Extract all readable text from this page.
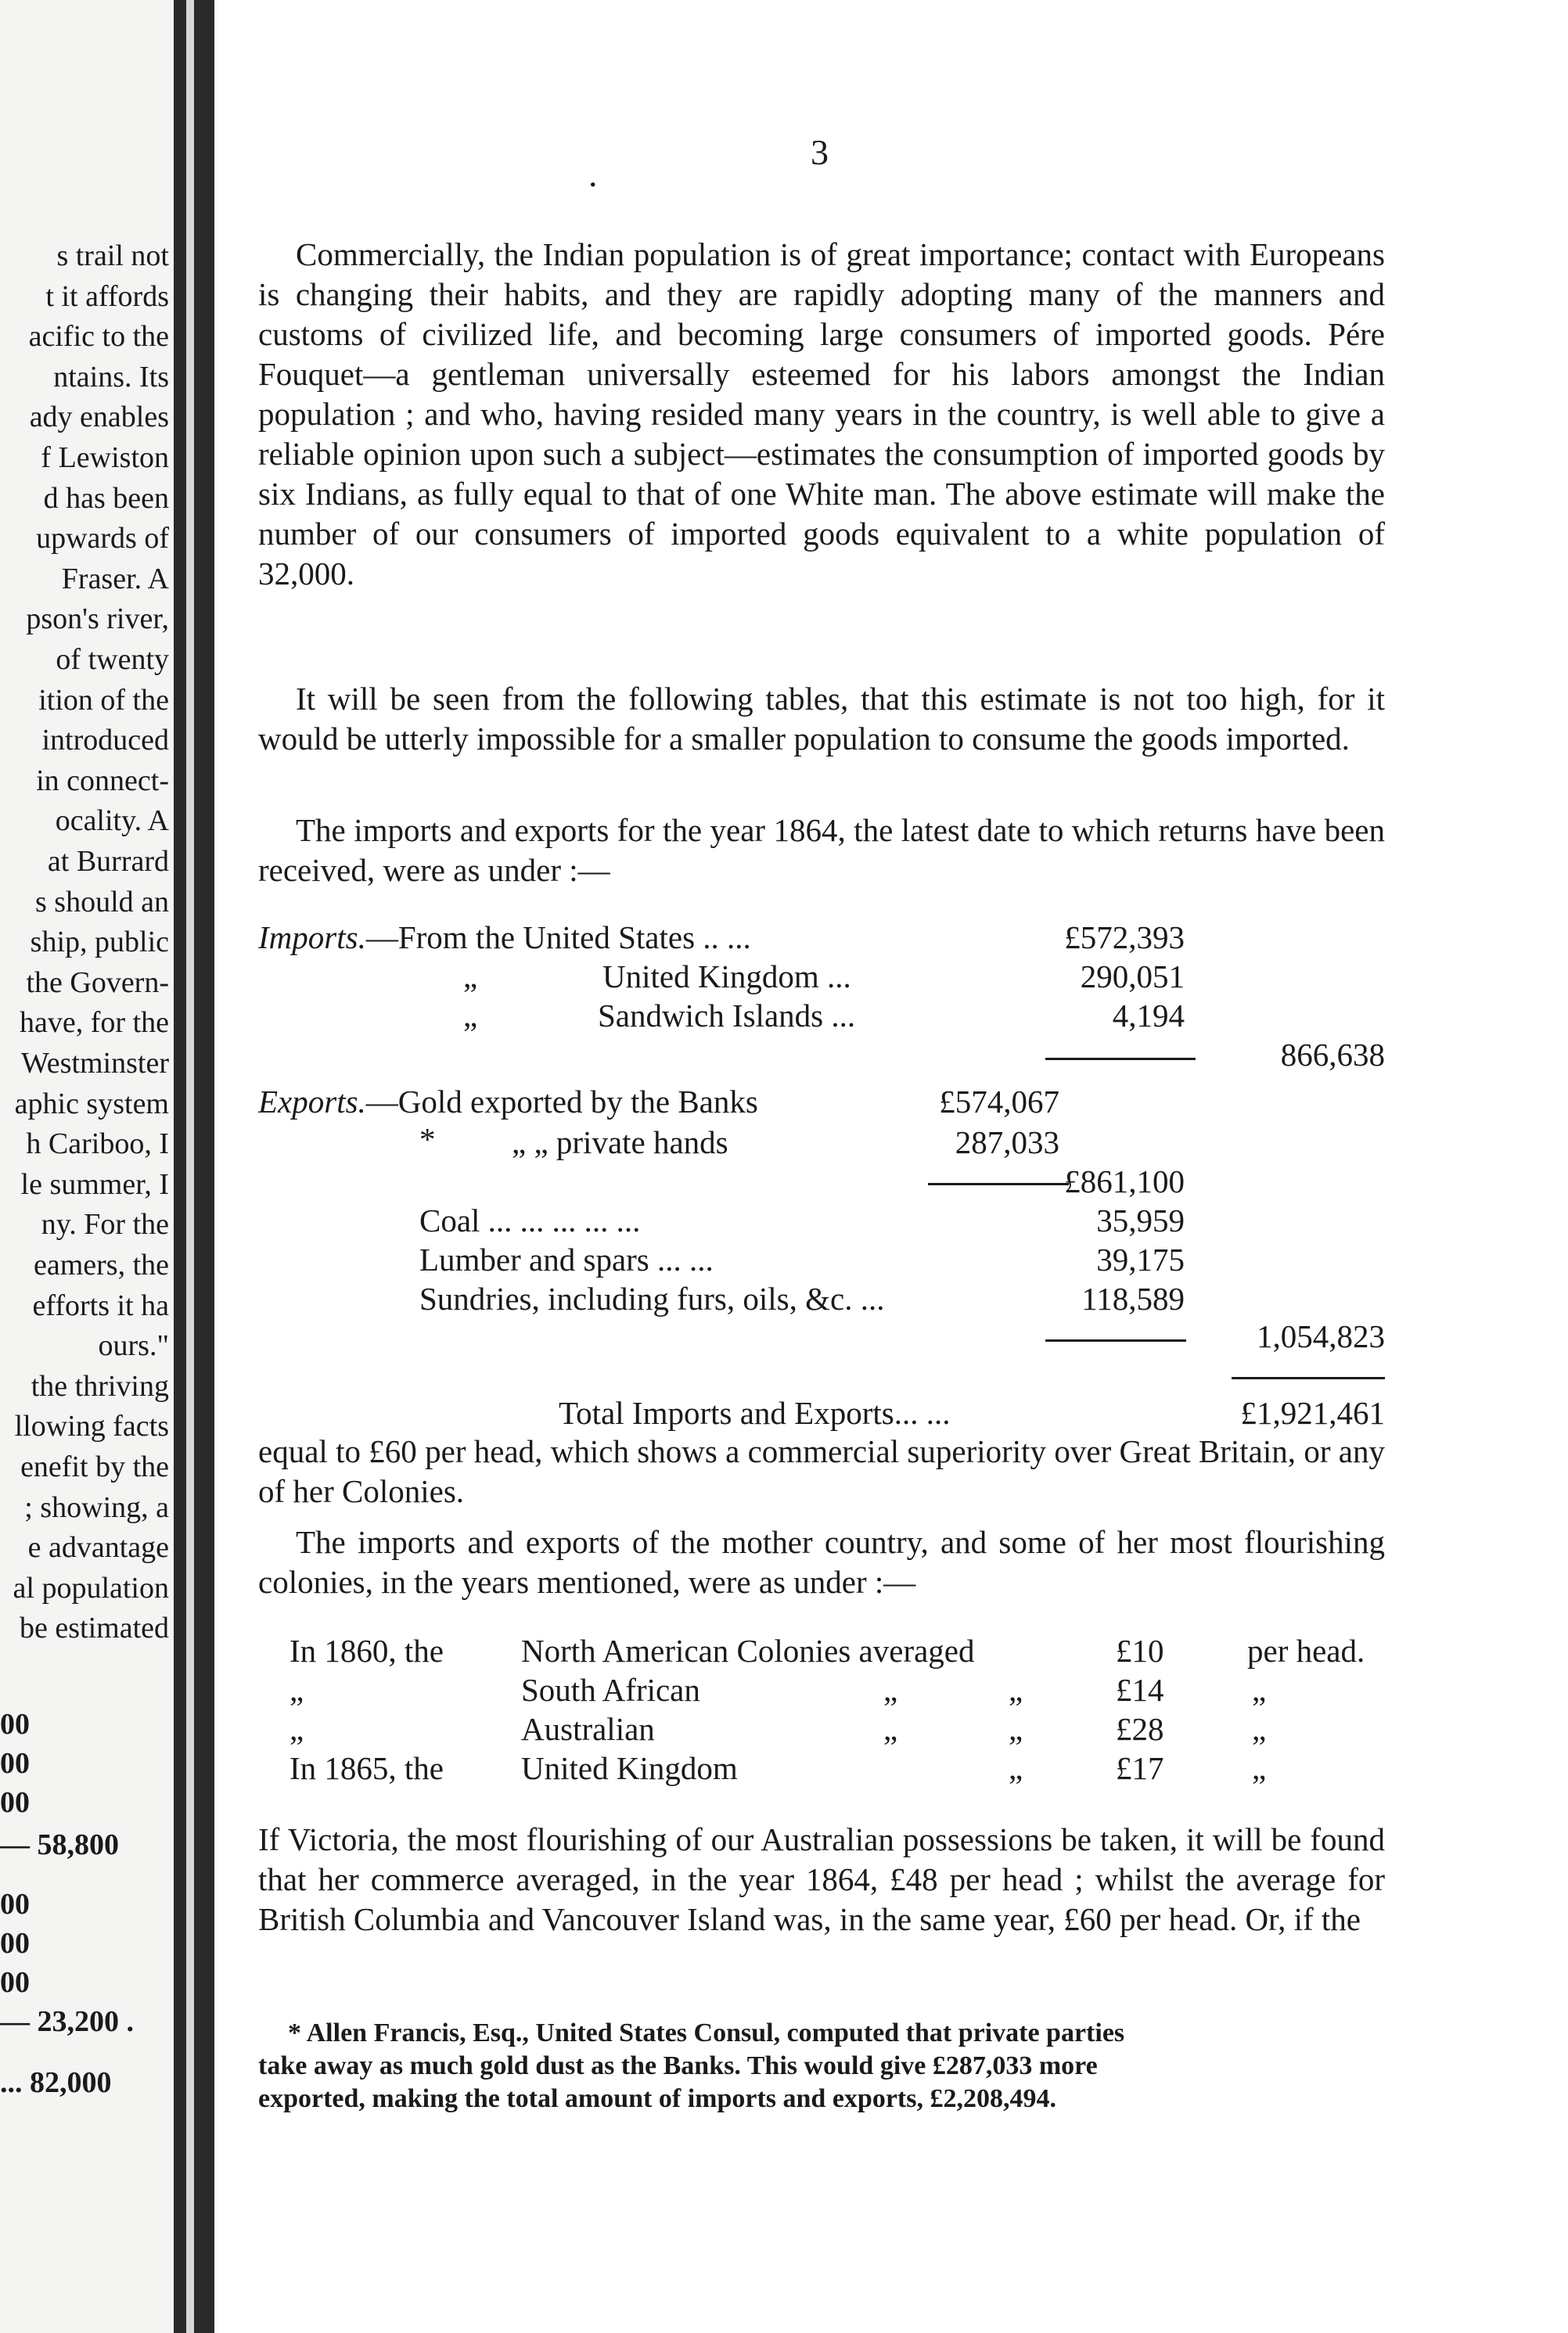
s trail not
t it affords
acific to the
ntains. Its
ady enables
f Lewiston
d has been
upwards of
Fraser. A
pson's river,
of twenty
ition of the
introduced
in connect-
ocality. A
at Burrard
s should an
ship, public
the Govern-
have, for the
Westminster
aphic system
h Cariboo, I
le summer, I
ny. For the
eamers, the
efforts it ha
ours."
the thriving
llowing facts
enefit by the
; showing, a
e advantage
al population
be estimated
00
00
00
— 58,800
00
00
00
— 23,200 .
... 82,000
3
.
Commercially, the Indian population is of great importance; contact with Europeans is changing their habits, and they are rapidly adopting many of the manners and customs of civilized life, and becoming large consumers of imported goods. Pére Fouquet—a gentleman universally esteemed for his labors amongst the Indian population ; and who, having resided many years in the country, is well able to give a reliable opinion upon such a subject—estimates the consumption of imported goods by six Indians, as fully equal to that of one White man. The above estimate will make the number of our consumers of imported goods equivalent to a white population of 32,000.
It will be seen from the following tables, that this estimate is not too high, for it would be utterly impossible for a smaller population to consume the goods imported.
The imports and exports for the year 1864, the latest date to which returns have been received, were as under :—
Imports.—From the United States .. ...	£572,393
„	United Kingdom ...	290,051
„	Sandwich Islands ...	4,194
866,638
Exports.—Gold exported by the Banks	£574,067
* „ „ private hands	287,033
£861,100
Coal ... ... ... ... ...	35,959
Lumber and spars ... ...	39,175
Sundries, including furs, oils, &c. ...	118,589
1,054,823
Total Imports and Exports... ...	£1,921,461
equal to £60 per head, which shows a commercial superiority over Great Britain, or any of her Colonies.
The imports and exports of the mother country, and some of her most flourishing colonies, in the years mentioned, were as under :—
In 1860, the North American Colonies averaged	£10	per head.
„	South African	„	„	£14	„
„	Australian	„	„	£28	„
In 1865, the United Kingdom	„	£17	„
If Victoria, the most flourishing of our Australian possessions be taken, it will be found that her commerce averaged, in the year 1864, £48 per head ; whilst the average for British Columbia and Vancouver Island was, in the same year, £60 per head. Or, if the
* Allen Francis, Esq., United States Consul, computed that private parties
take away as much gold dust as the Banks. This would give £287,033 more
exported, making the total amount of imports and exports, £2,208,494.
